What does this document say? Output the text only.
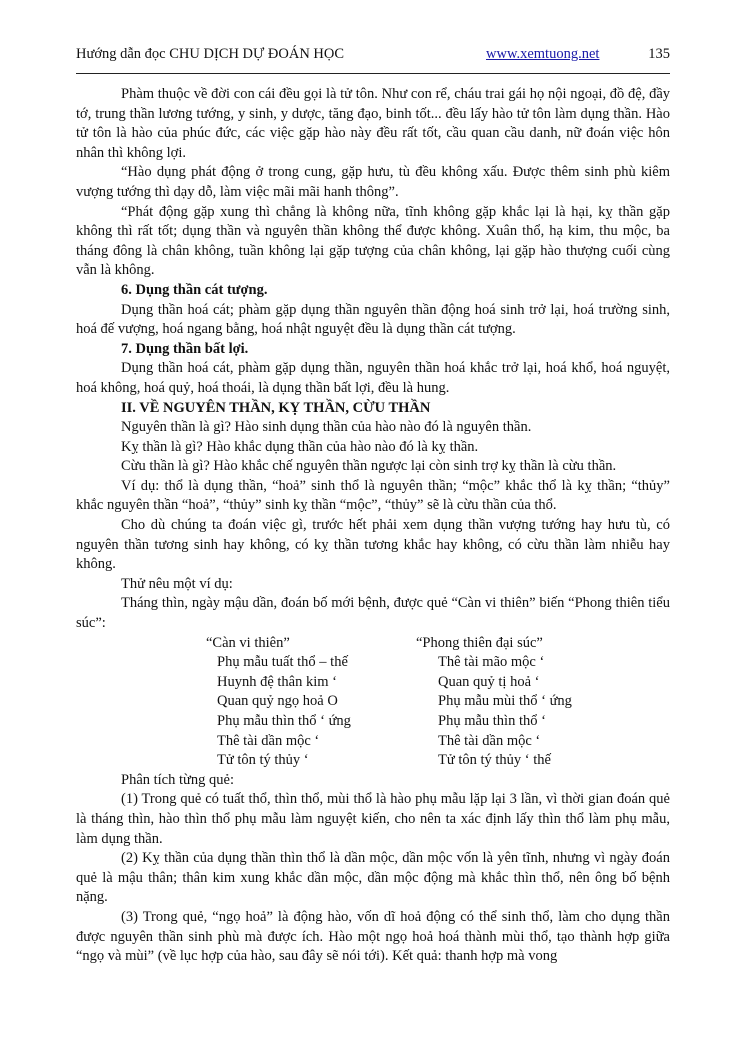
Hướng dẫn đọc CHU DỊCH DỰ ĐOÁN HỌC	www.xemtuong.net	135

Phàm thuộc về đời con cái đều gọi là tử tôn. Như con rể, cháu trai gái họ nội ngoại, đồ đệ, đầy tớ, trung thần lương tướng, y sinh, y dược, tăng đạo, binh tốt... đều lấy hào tử tôn làm dụng thần. Hào tử tôn là hào của phúc đức, các việc gặp hào này đều rất tốt, cầu quan cầu danh, nữ đoán việc hôn nhân thì không lợi.

“Hào dụng phát động ở trong cung, gặp hưu, tù đều không xấu. Được thêm sinh phù kiêm vượng tướng thì dạy dỗ, làm việc mãi mãi hanh thông”.

“Phát động gặp xung thì chẳng là không nữa, tĩnh không gặp khắc lại là hại, kỵ thần gặp không thì rất tốt; dụng thần và nguyên thần không thể được không. Xuân thổ, hạ kim, thu mộc, ba tháng đông là chân không, tuần không lại gặp tượng của chân không, lại gặp hào thượng cuối cùng vẫn là không.

6. Dụng thần cát tượng.

Dụng thần hoá cát; phàm gặp dụng thần nguyên thần động hoá sinh trở lại, hoá trường sinh, hoá đế vượng, hoá ngang bằng, hoá nhật nguyệt đều là dụng thần cát tượng.

7. Dụng thần bất lợi.

Dụng thần hoá cát, phàm gặp dụng thần, nguyên thần hoá khắc trở lại, hoá khổ, hoá nguyệt, hoá không, hoá quỷ, hoá thoái, là dụng thần bất lợi, đều là hung.

II. VỀ NGUYÊN THẦN, KỴ THẦN, CỪU THẦN

Nguyên thần là gì? Hào sinh dụng thần của hào nào đó là nguyên thần.

Kỵ thần là gì? Hào khắc dụng thần của hào nào đó là kỵ thần.

Cừu thần là gì? Hào khắc chế nguyên thần ngược lại còn sinh trợ kỵ thần là cừu thần.

Ví dụ: thổ là dụng thần, “hoả” sinh thổ là nguyên thần; “mộc” khắc thổ là kỵ thần; “thủy” khắc nguyên thần “hoả”, “thủy” sinh kỵ thần “mộc”, “thủy” sẽ là cừu thần của thổ.

Cho dù chúng ta đoán việc gì, trước hết phải xem dụng thần vượng tướng hay hưu tù, có nguyên thần tương sinh hay không, có kỵ thần tương khắc hay không, có cừu thần làm nhiễu hay không.

Thử nêu một ví dụ:

Tháng thìn, ngày mậu dần, đoán bố mới bệnh, được quẻ “Càn vi thiên” biến “Phong thiên tiểu súc”:

“Càn vi thiên”	“Phong thiên đại súc”
Phụ mẫu tuất thổ – thế	Thê tài mão mộc ‘
Huynh đệ thân kim ‘	Quan quỷ tị hoả ‘
Quan quỷ ngọ hoả O	Phụ mẫu mùi thổ ‘ ứng
Phụ mẫu thìn thổ ‘ ứng	Phụ mẫu thìn thổ ‘
Thê tài dần mộc ‘	Thê tài dần mộc ‘
Tử tôn tý thủy ‘	Tử tôn tý thủy ‘ thế

Phân tích từng quẻ:

(1) Trong quẻ có tuất thổ, thìn thổ, mùi thổ là hào phụ mẫu lặp lại 3 lần, vì thời gian đoán quẻ là tháng thìn, hào thìn thổ phụ mẫu làm nguyệt kiến, cho nên ta xác định lấy thìn thổ làm phụ mẫu, làm dụng thần.

(2) Kỵ thần của dụng thần thìn thổ là dần mộc, dần mộc vốn là yên tĩnh, nhưng vì ngày đoán quẻ là mậu thân; thân kim xung khắc dần mộc, dần mộc động mà khắc thìn thổ, nên ông bố bệnh nặng.

(3) Trong quẻ, “ngọ hoả” là động hào, vốn dĩ hoả động có thể sinh thổ, làm cho dụng thần được nguyên thần sinh phù mà được ích. Hào một ngọ hoả hoá thành mùi thổ, tạo thành hợp giữa “ngọ và mùi” (về lục hợp của hào, sau đây sẽ nói tới). Kết quả: thanh hợp mà vong
